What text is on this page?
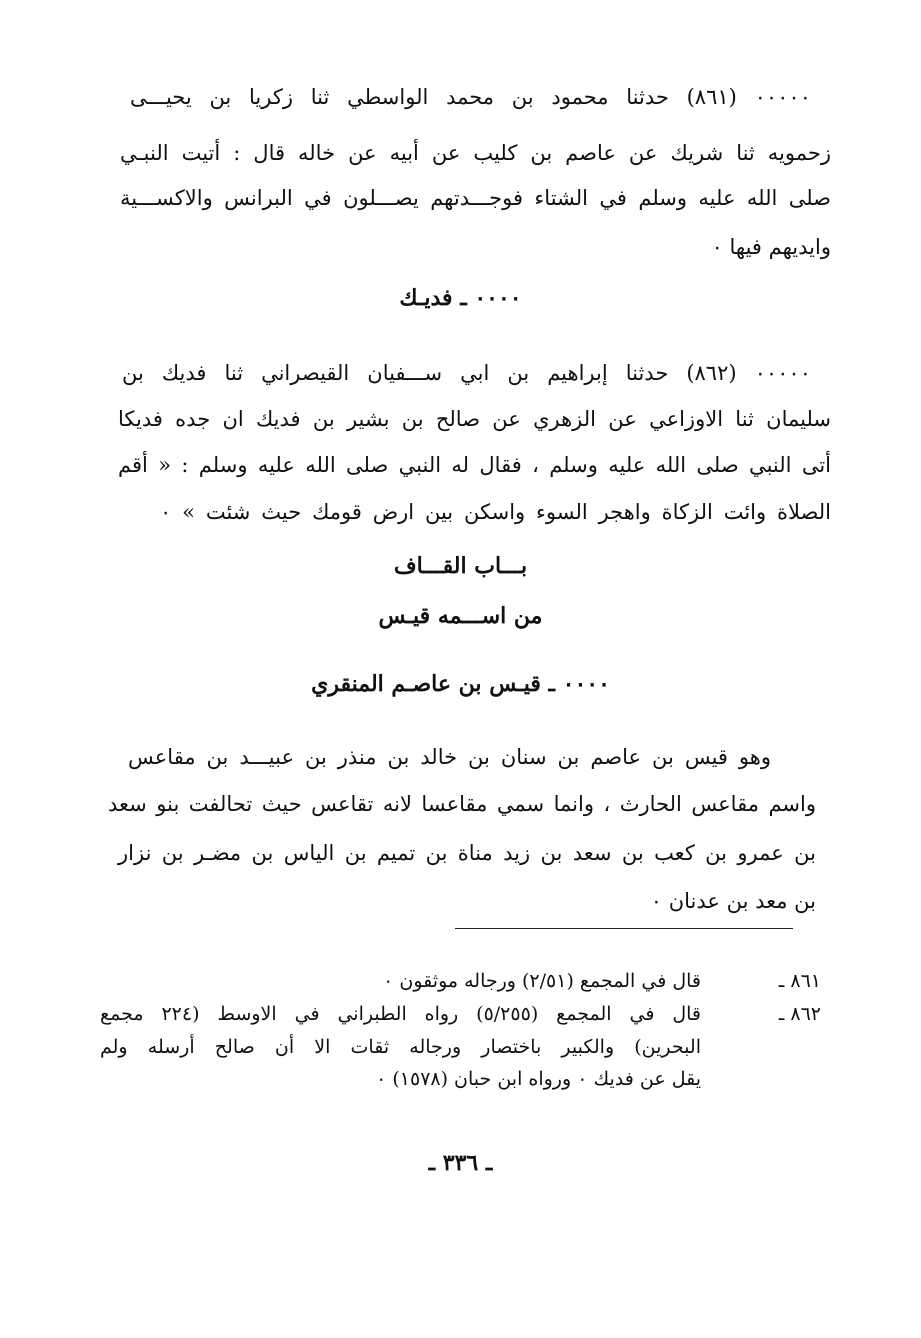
٠٠٠٠٠ (٨٦١) حدثنا محمود بن محمد الواسطي ثنا زكريا بن يحيـــى
زحمويه ثنا شريك عن عاصم بن كليب عن أبيه عن خاله قال : أتيت النبـي
صلى الله عليه وسلم في الشتاء فوجـــدتهم يصـــلون في البرانس والاكســـية
وايديهم فيها ٠
٠٠٠٠ ـ فديـك
٠٠٠٠٠ (٨٦٢) حدثنا إبراهيم بن ابي ســـفيان القيصراني ثنا فديك بن
سليمان ثنا الاوزاعي عن الزهري عن صالح بن بشير بن فديك ان جده فديكا
أتى النبي صلى الله عليه وسلم ، فقال له النبي صلى الله عليه وسلم : « أقم
الصلاة وائت الزكاة واهجر السوء واسكن بين ارض قومك حيث شئت » ٠
بـــاب القـــاف
من اســـمه قيـس
٠٠٠٠ ـ قيـس بن عاصـم المنقري
وهو قيس بن عاصم بن سنان بن خالد بن منذر بن عبيـــد بن مقاعس
واسم مقاعس الحارث ، وانما سمي مقاعسا لانه تقاعس حيث تحالفت بنو سعد
بن عمرو بن كعب بن سعد بن زيد مناة بن تميم بن الياس بن مضـر بن نزار
بن معد بن عدنان ٠
٨٦١ ـ
قال في المجمع (٢/٥١) ورجاله موثقون ٠
٨٦٢ ـ
قال في المجمع (٥/٢٥٥) رواه الطبراني في الاوسط (٢٢٤ مجمع
البحرين) والكبير باختصار ورجاله ثقات الا أن صالح أرسله ولم
يقل عن فديك ٠ ورواه ابن حبان (١٥٧٨) ٠
ـ ٣٣٦ ـ
